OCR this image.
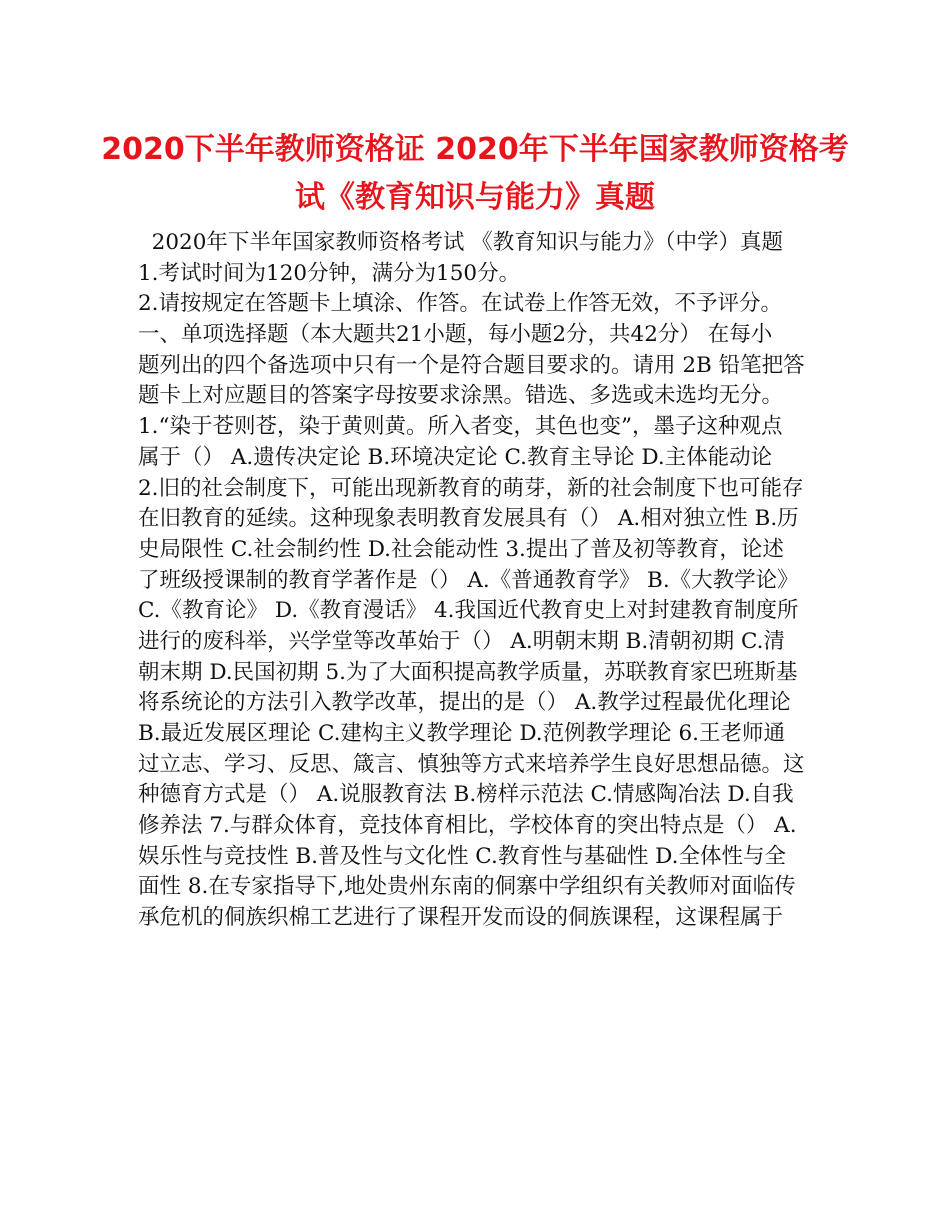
2020下半年教师资格证 2020年下半年国家教师资格考
试《教育知识与能力》真题
2020年下半年国家教师资格考试 《教育知识与能力》（中学）真题
1.考试时间为120分钟，满分为150分。
2.请按规定在答题卡上填涂、作答。在试卷上作答无效，不予评分。
一、单项选择题（本大题共21小题，每小题2分，共42分） 在每小
题列出的四个备选项中只有一个是符合题目要求的。请用 2B 铅笔把答
题卡上对应题目的答案字母按要求涂黑。错选、多选或未选均无分。
1.“染于苍则苍，染于黄则黄。所入者变，其色也变”，墨子这种观点
属于（） A.遗传决定论 B.环境决定论 C.教育主导论 D.主体能动论
2.旧的社会制度下，可能出现新教育的萌芽，新的社会制度下也可能存
在旧教育的延续。这种现象表明教育发展具有（） A.相对独立性 B.历
史局限性 C.社会制约性 D.社会能动性 3.提出了普及初等教育，论述
了班级授课制的教育学著作是（） A.《普通教育学》 B.《大教学论》
C.《教育论》 D.《教育漫话》 4.我国近代教育史上对封建教育制度所
进行的废科举，兴学堂等改革始于（） A.明朝末期 B.清朝初期 C.清
朝末期 D.民国初期 5.为了大面积提高教学质量，苏联教育家巴班斯基
将系统论的方法引入教学改革，提出的是（） A.教学过程最优化理论
B.最近发展区理论 C.建构主义教学理论 D.范例教学理论 6.王老师通
过立志、学习、反思、箴言、慎独等方式来培养学生良好思想品德。这
种德育方式是（） A.说服教育法 B.榜样示范法 C.情感陶冶法 D.自我
修养法 7.与群众体育，竞技体育相比，学校体育的突出特点是（） A.
娱乐性与竞技性 B.普及性与文化性 C.教育性与基础性 D.全体性与全
面性 8.在专家指导下,地处贵州东南的侗寨中学组织有关教师对面临传
承危机的侗族织棉工艺进行了课程开发而设的侗族课程，这课程属于
